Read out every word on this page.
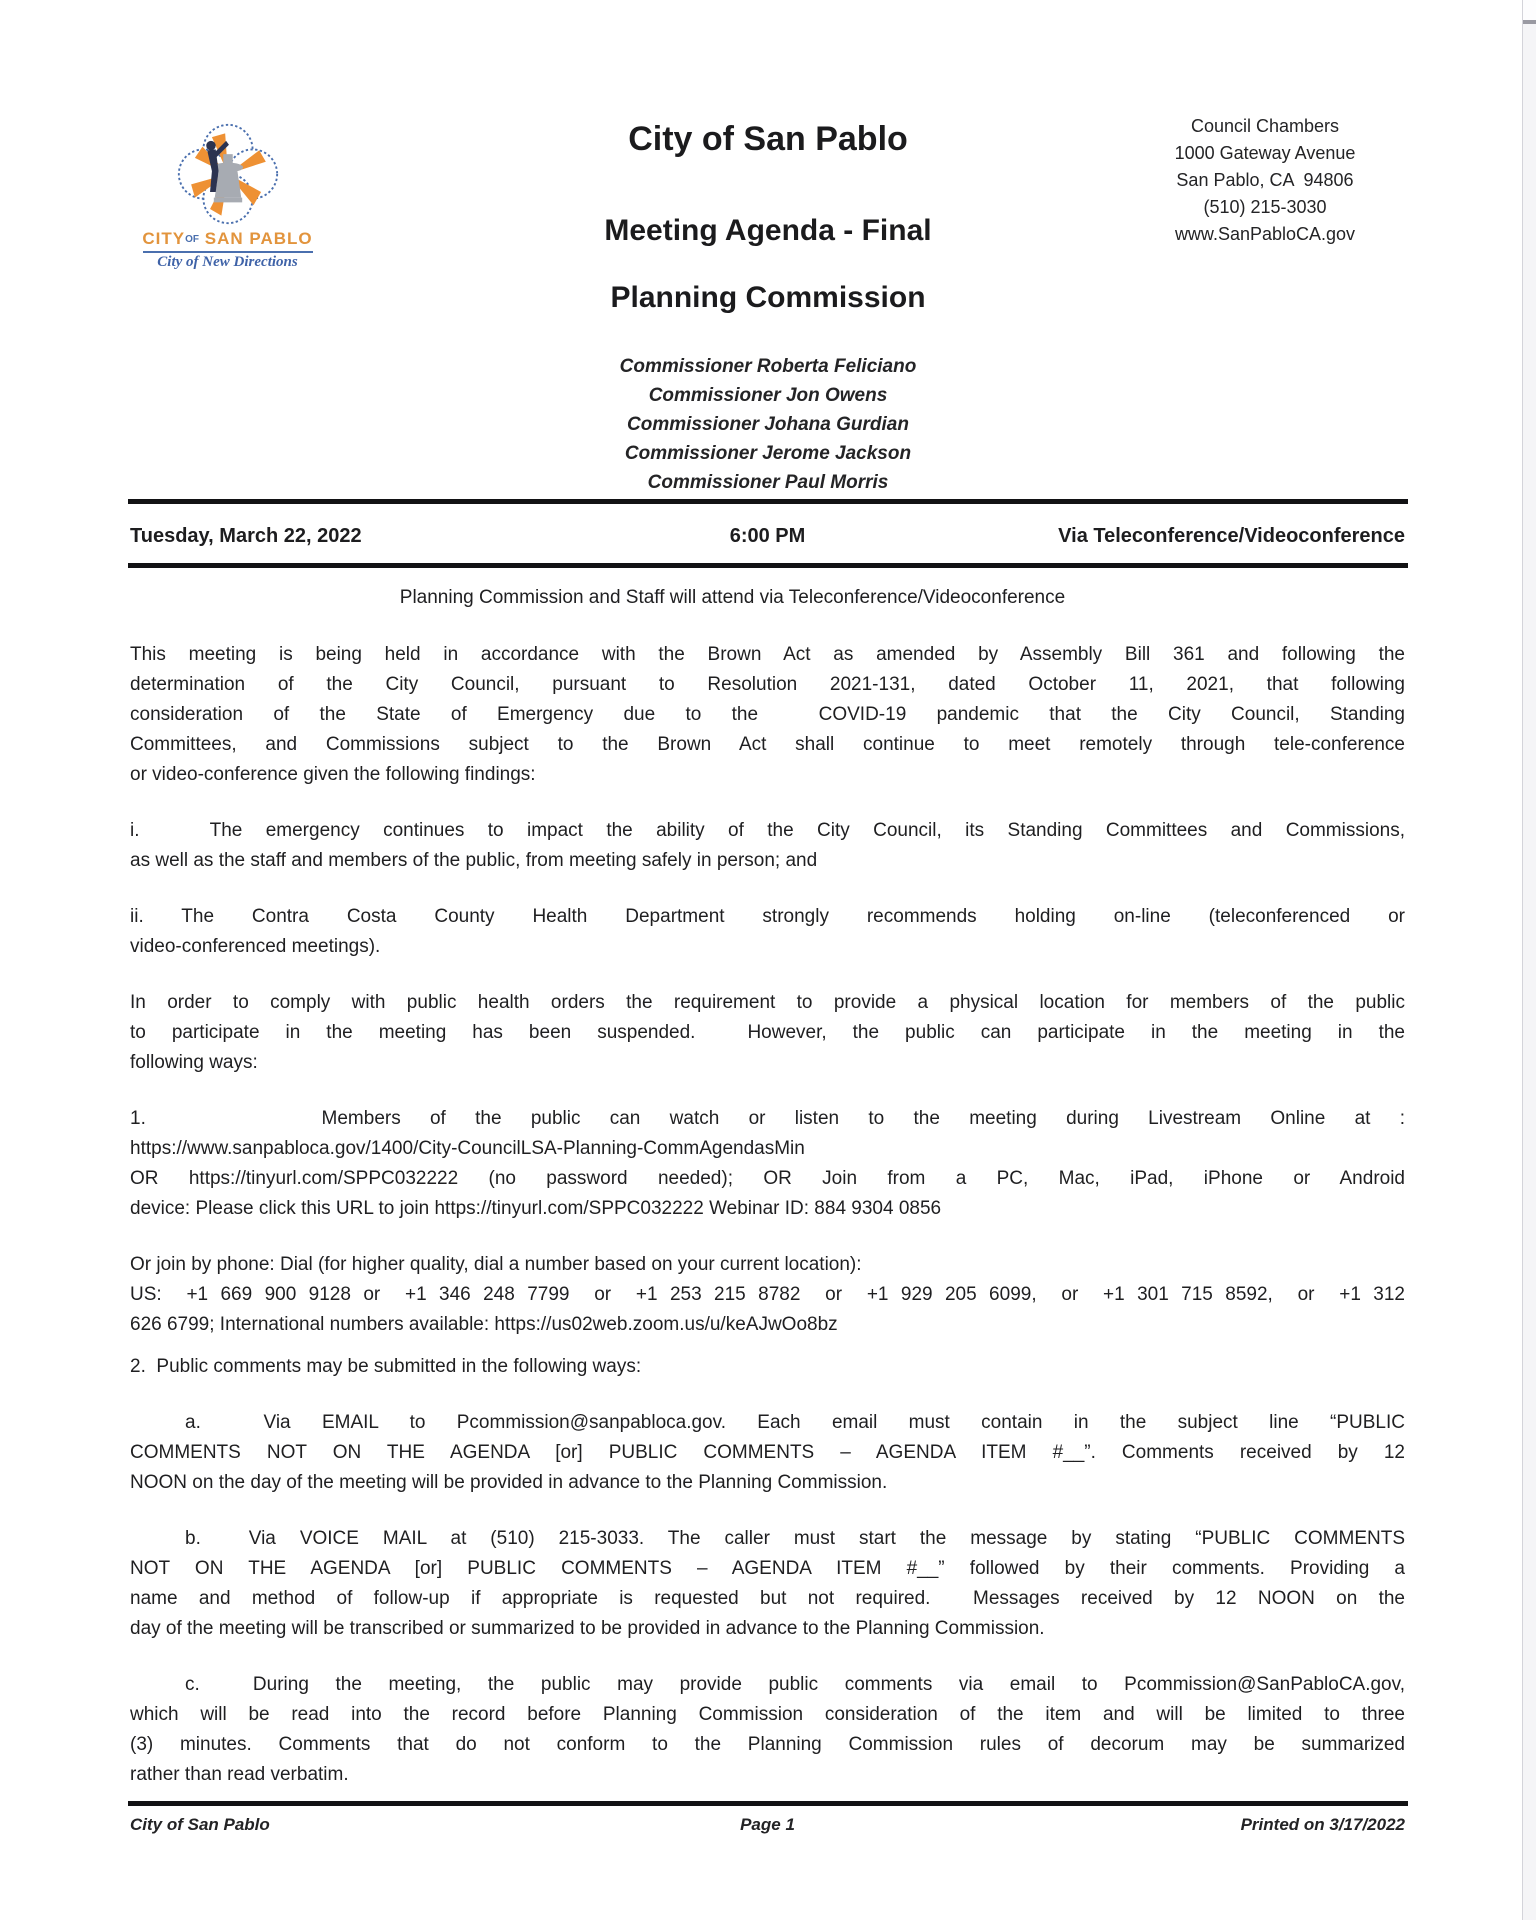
CITYOF SAN PABLO
City of New Directions
City of San Pablo
Meeting Agenda - Final
Planning Commission
Commissioner Roberta Feliciano
Commissioner Jon Owens
Commissioner Johana Gurdian
Commissioner Jerome Jackson
Commissioner Paul Morris
Council Chambers
1000 Gateway Avenue
San Pablo, CA  94806
(510) 215-3030
www.SanPabloCA.gov
Tuesday, March 22, 2022	6:00 PM	Via Teleconference/Videoconference
Planning Commission and Staff will attend via Teleconference/Videoconference
This meeting is being held in accordance with the Brown Act as amended by Assembly Bill 361 and following the
determination of the City Council, pursuant to Resolution 2021-131, dated October 11, 2021, that following
consideration of the State of Emergency due to the  COVID-19 pandemic that the City Council, Standing
Committees, and Commissions subject to the Brown Act shall continue to meet remotely through tele-conference
or video-conference given the following findings:
i.   The emergency continues to impact the ability of the City Council, its Standing Committees and Commissions,
as well as the staff and members of the public, from meeting safely in person; and
ii. The Contra Costa County Health Department strongly recommends holding on-line (teleconferenced or
video-conferenced meetings).
In order to comply with public health orders the requirement to provide a physical location for members of the public
to participate in the meeting has been suspended.  However, the public can participate in the meeting in the
following ways:
1.      Members of the public can watch or listen to the meeting during Livestream Online at :
https://www.sanpabloca.gov/1400/City-CouncilLSA-Planning-CommAgendasMin
OR https://tinyurl.com/SPPC032222 (no password needed); OR Join from a PC, Mac, iPad, iPhone or Android
device: Please click this URL to join https://tinyurl.com/SPPC032222 Webinar ID: 884 9304 0856
Or join by phone: Dial (for higher quality, dial a number based on your current location):
US:  +1 669 900 9128 or  +1 346 248 7799  or  +1 253 215 8782  or  +1 929 205 6099,  or  +1 301 715 8592,  or  +1 312
626 6799; International numbers available: https://us02web.zoom.us/u/keAJwOo8bz
2.  Public comments may be submitted in the following ways:
a.  Via EMAIL to Pcommission@sanpabloca.gov. Each email must contain in the subject line “PUBLIC
COMMENTS NOT ON THE AGENDA [or] PUBLIC COMMENTS – AGENDA ITEM #__”. Comments received by 12
NOON on the day of the meeting will be provided in advance to the Planning Commission.
b.  Via VOICE MAIL at (510) 215-3033. The caller must start the message by stating “PUBLIC COMMENTS
NOT ON THE AGENDA [or] PUBLIC COMMENTS – AGENDA ITEM #__” followed by their comments. Providing a
name and method of follow-up if appropriate is requested but not required.  Messages received by 12 NOON on the
day of the meeting will be transcribed or summarized to be provided in advance to the Planning Commission.
c.  During the meeting, the public may provide public comments via email to Pcommission@SanPabloCA.gov,
which will be read into the record before Planning Commission consideration of the item and will be limited to three
(3) minutes. Comments that do not conform to the Planning Commission rules of decorum may be summarized
rather than read verbatim.
City of San Pablo	Page 1	Printed on 3/17/2022
